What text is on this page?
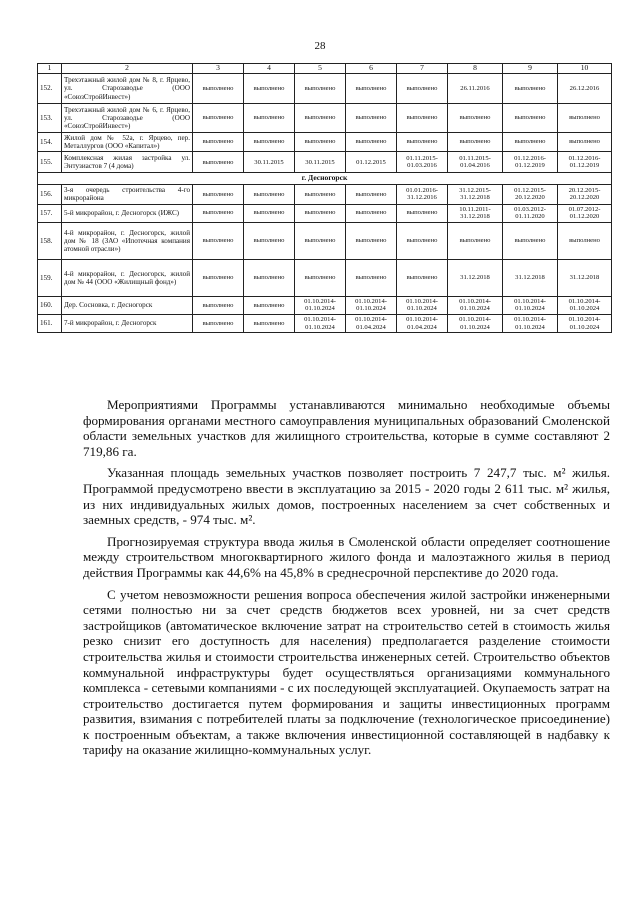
28
1	2	3	4	5	6	7	8	9	10
152.	Трехэтажный жилой дом № 8, г. Ярцево, ул. Старозаводье (ООО «СоюзСтройИнвест»)	выполнено	выполнено	выполнено	выполнено	выполнено	26.11.2016	выполнено	26.12.2016
153.	Трехэтажный жилой дом № 6, г. Ярцево, ул. Старозаводье (ООО «СоюзСтройИнвест»)	выполнено	выполнено	выполнено	выполнено	выполнено	выполнено	выполнено	выполнено
154.	Жилой дом № 52а, г. Ярцево, пер. Металлургов (ООО «Капитал»)	выполнено	выполнено	выполнено	выполнено	выполнено	выполнено	выполнено	выполнено
155.	Комплексная жилая застройка ул. Энтузиастов 7 (4 дома)	выполнено	30.11.2015	30.11.2015	01.12.2015	01.11.2015- 01.03.2016	01.11.2015- 01.04.2016	01.12.2016- 01.12.2019	01.12.2016- 01.12.2019
г. Десногорск									
156.	3-я очередь строительства 4-го микрорайона	выполнено	выполнено	выполнено	выполнено	01.01.2016- 31.12.2016	31.12.2015- 31.12.2018	01.12.2015- 20.12.2020	20.12.2015- 20.12.2020
157.	5-й микрорайон, г. Десногорск (ИЖС)	выполнено	выполнено	выполнено	выполнено	выполнено	10.11.2011- 31.12.2018	01.03.2012- 01.11.2020	01.07.2012- 01.12.2020
158.	4-й микрорайон, г. Десногорск, жилой дом № 18 (ЗАО «Ипотечная компания атомной отрасли»)	выполнено	выполнено	выполнено	выполнено	выполнено	выполнено	выполнено	выполнено
159.	4-й микрорайон, г. Десногорск, жилой дом № 44 (ООО «Жилищный фонд»)	выполнено	выполнено	выполнено	выполнено	выполнено	31.12.2018	31.12.2018	31.12.2018
160.	Дер. Сосновка, г. Десногорск	выполнено	выполнено	01.10.2014- 01.10.2024	01.10.2014- 01.10.2024	01.10.2014- 01.10.2024	01.10.2014- 01.10.2024	01.10.2014- 01.10.2024	01.10.2014- 01.10.2024
161.	7-й микрорайон, г. Десногорск	выполнено	выполнено	01.10.2014- 01.10.2024	01.10.2014- 01.04.2024	01.10.2014- 01.04.2024	01.10.2014- 01.10.2024	01.10.2014- 01.10.2024	01.10.2014- 01.10.2024

Мероприятиями Программы устанавливаются минимально необходимые объемы формирования органами местного самоуправления муниципальных образований Смоленской области земельных участков для жилищного строительства, которые в сумме составляют 2 719,86 га.

Указанная площадь земельных участков позволяет построить 7 247,7 тыс. м² жилья. Программой предусмотрено ввести в эксплуатацию за 2015 - 2020 годы 2 611 тыс. м² жилья, из них индивидуальных жилых домов, построенных населением за счет собственных и заемных средств, - 974 тыс. м².

Прогнозируемая структура ввода жилья в Смоленской области определяет соотношение между строительством многоквартирного жилого фонда и малоэтажного жилья в период действия Программы как 44,6% на 45,8% в среднесрочной перспективе до 2020 года.

С учетом невозможности решения вопроса обеспечения жилой застройки инженерными сетями полностью ни за счет средств бюджетов всех уровней, ни за счет средств застройщиков (автоматическое включение затрат на строительство сетей в стоимость жилья резко снизит его доступность для населения) предполагается разделение стоимости строительства жилья и стоимости строительства инженерных сетей. Строительство объектов коммунальной инфраструктуры будет осуществляться организациями коммунального комплекса - сетевыми компаниями - с их последующей эксплуатацией. Окупаемость затрат на строительство достигается путем формирования и защиты инвестиционных программ развития, взимания с потребителей платы за подключение (технологическое присоединение) к построенным объектам, а также включения инвестиционной составляющей в надбавку к тарифу на оказание жилищно-коммунальных услуг.
